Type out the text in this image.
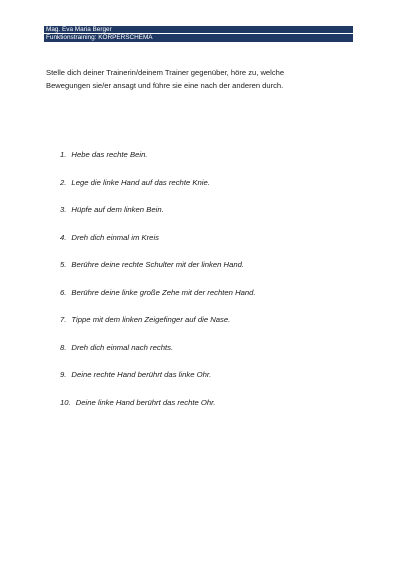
Mag. Eva Maria Berger
Funktionstraining: KÖRPERSCHEMA
Stelle dich deiner Trainerin/deinem Trainer gegenüber, höre zu, welche
Bewegungen sie/er ansagt und führe sie eine nach der anderen durch.
1. Hebe das rechte Bein.
2. Lege die linke Hand auf das rechte Knie.
3. Hüpfe auf dem linken Bein.
4. Dreh dich einmal im Kreis
5. Berühre deine rechte Schulter mit der linken Hand.
6. Berühre deine linke große Zehe mit der rechten Hand.
7. Tippe mit dem linken Zeigefinger auf die Nase.
8. Dreh dich einmal nach rechts.
9. Deine rechte Hand berührt das linke Ohr.
10. Deine linke Hand berührt das rechte Ohr.
